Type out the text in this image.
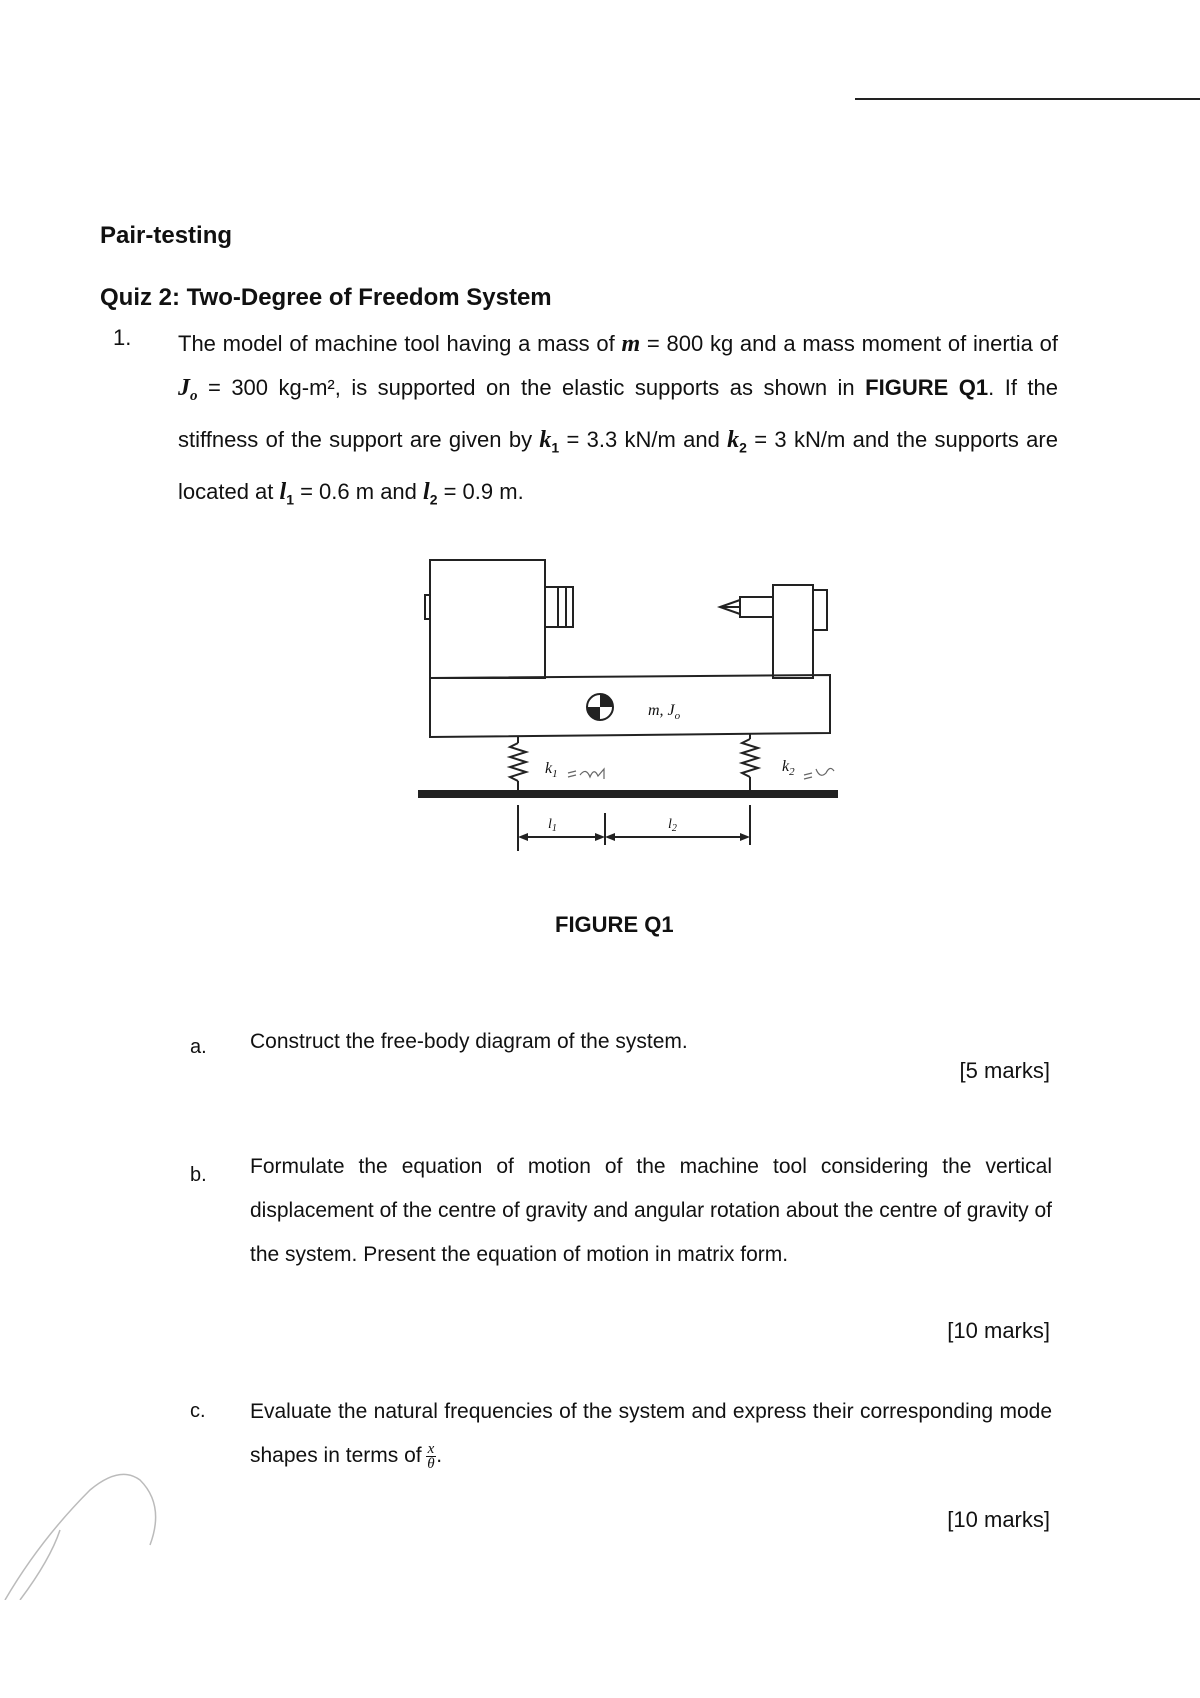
Pair-testing
Quiz 2: Two-Degree of Freedom System
1. The model of machine tool having a mass of m = 800 kg and a mass moment of inertia of $J_o = 300$ kg-m², is supported on the elastic supports as shown in FIGURE Q1. If the stiffness of the support are given by $k_1 = 3.3$ kN/m and $k_2 = 3$ kN/m and the supports are located at $l_1 = 0.6$ m and $l_2 = 0.9$ m.
m, $J_o$
$k_1$	$k_2$
$l_1$	$l_2$
FIGURE Q1
a. Construct the free-body diagram of the system.
[5 marks]
b. Formulate the equation of motion of the machine tool considering the vertical displacement of the centre of gravity and angular rotation about the centre of gravity of the system. Present the equation of motion in matrix form.
[10 marks]
c. Evaluate the natural frequencies of the system and express their corresponding mode shapes in terms of $\frac{x}{\theta}$ .
[10 marks]
